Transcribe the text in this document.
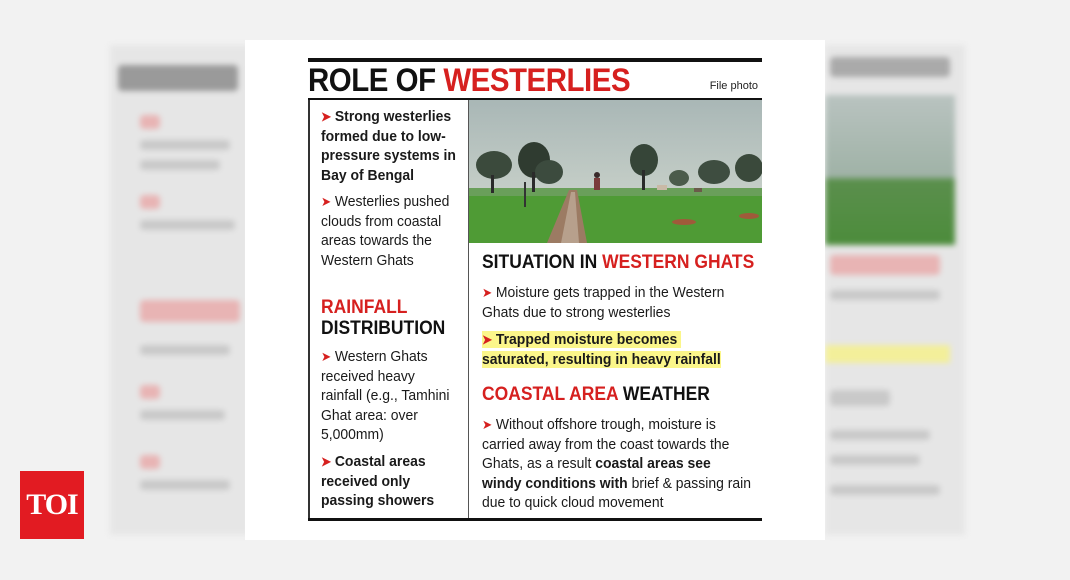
TOI
ROLE OF WESTERLIES	File photo
➤ Strong westerlies formed due to low-pressure systems in Bay of Bengal
➤ Westerlies pushed clouds from coastal areas towards the Western Ghats
RAINFALL
DISTRIBUTION
➤ Western Ghats received heavy rainfall (e.g., Tamhini Ghat area: over 5,000mm)
➤ Coastal areas received only passing showers
SITUATION IN WESTERN GHATS
➤ Moisture gets trapped in the Western Ghats due to strong westerlies
➤ Trapped moisture becomes
saturated, resulting in heavy rainfall
COASTAL AREA WEATHER
➤ Without offshore trough, moisture is carried away from the coast towards the Ghats, as a result coastal areas see windy conditions with brief & passing rain due to quick cloud movement
